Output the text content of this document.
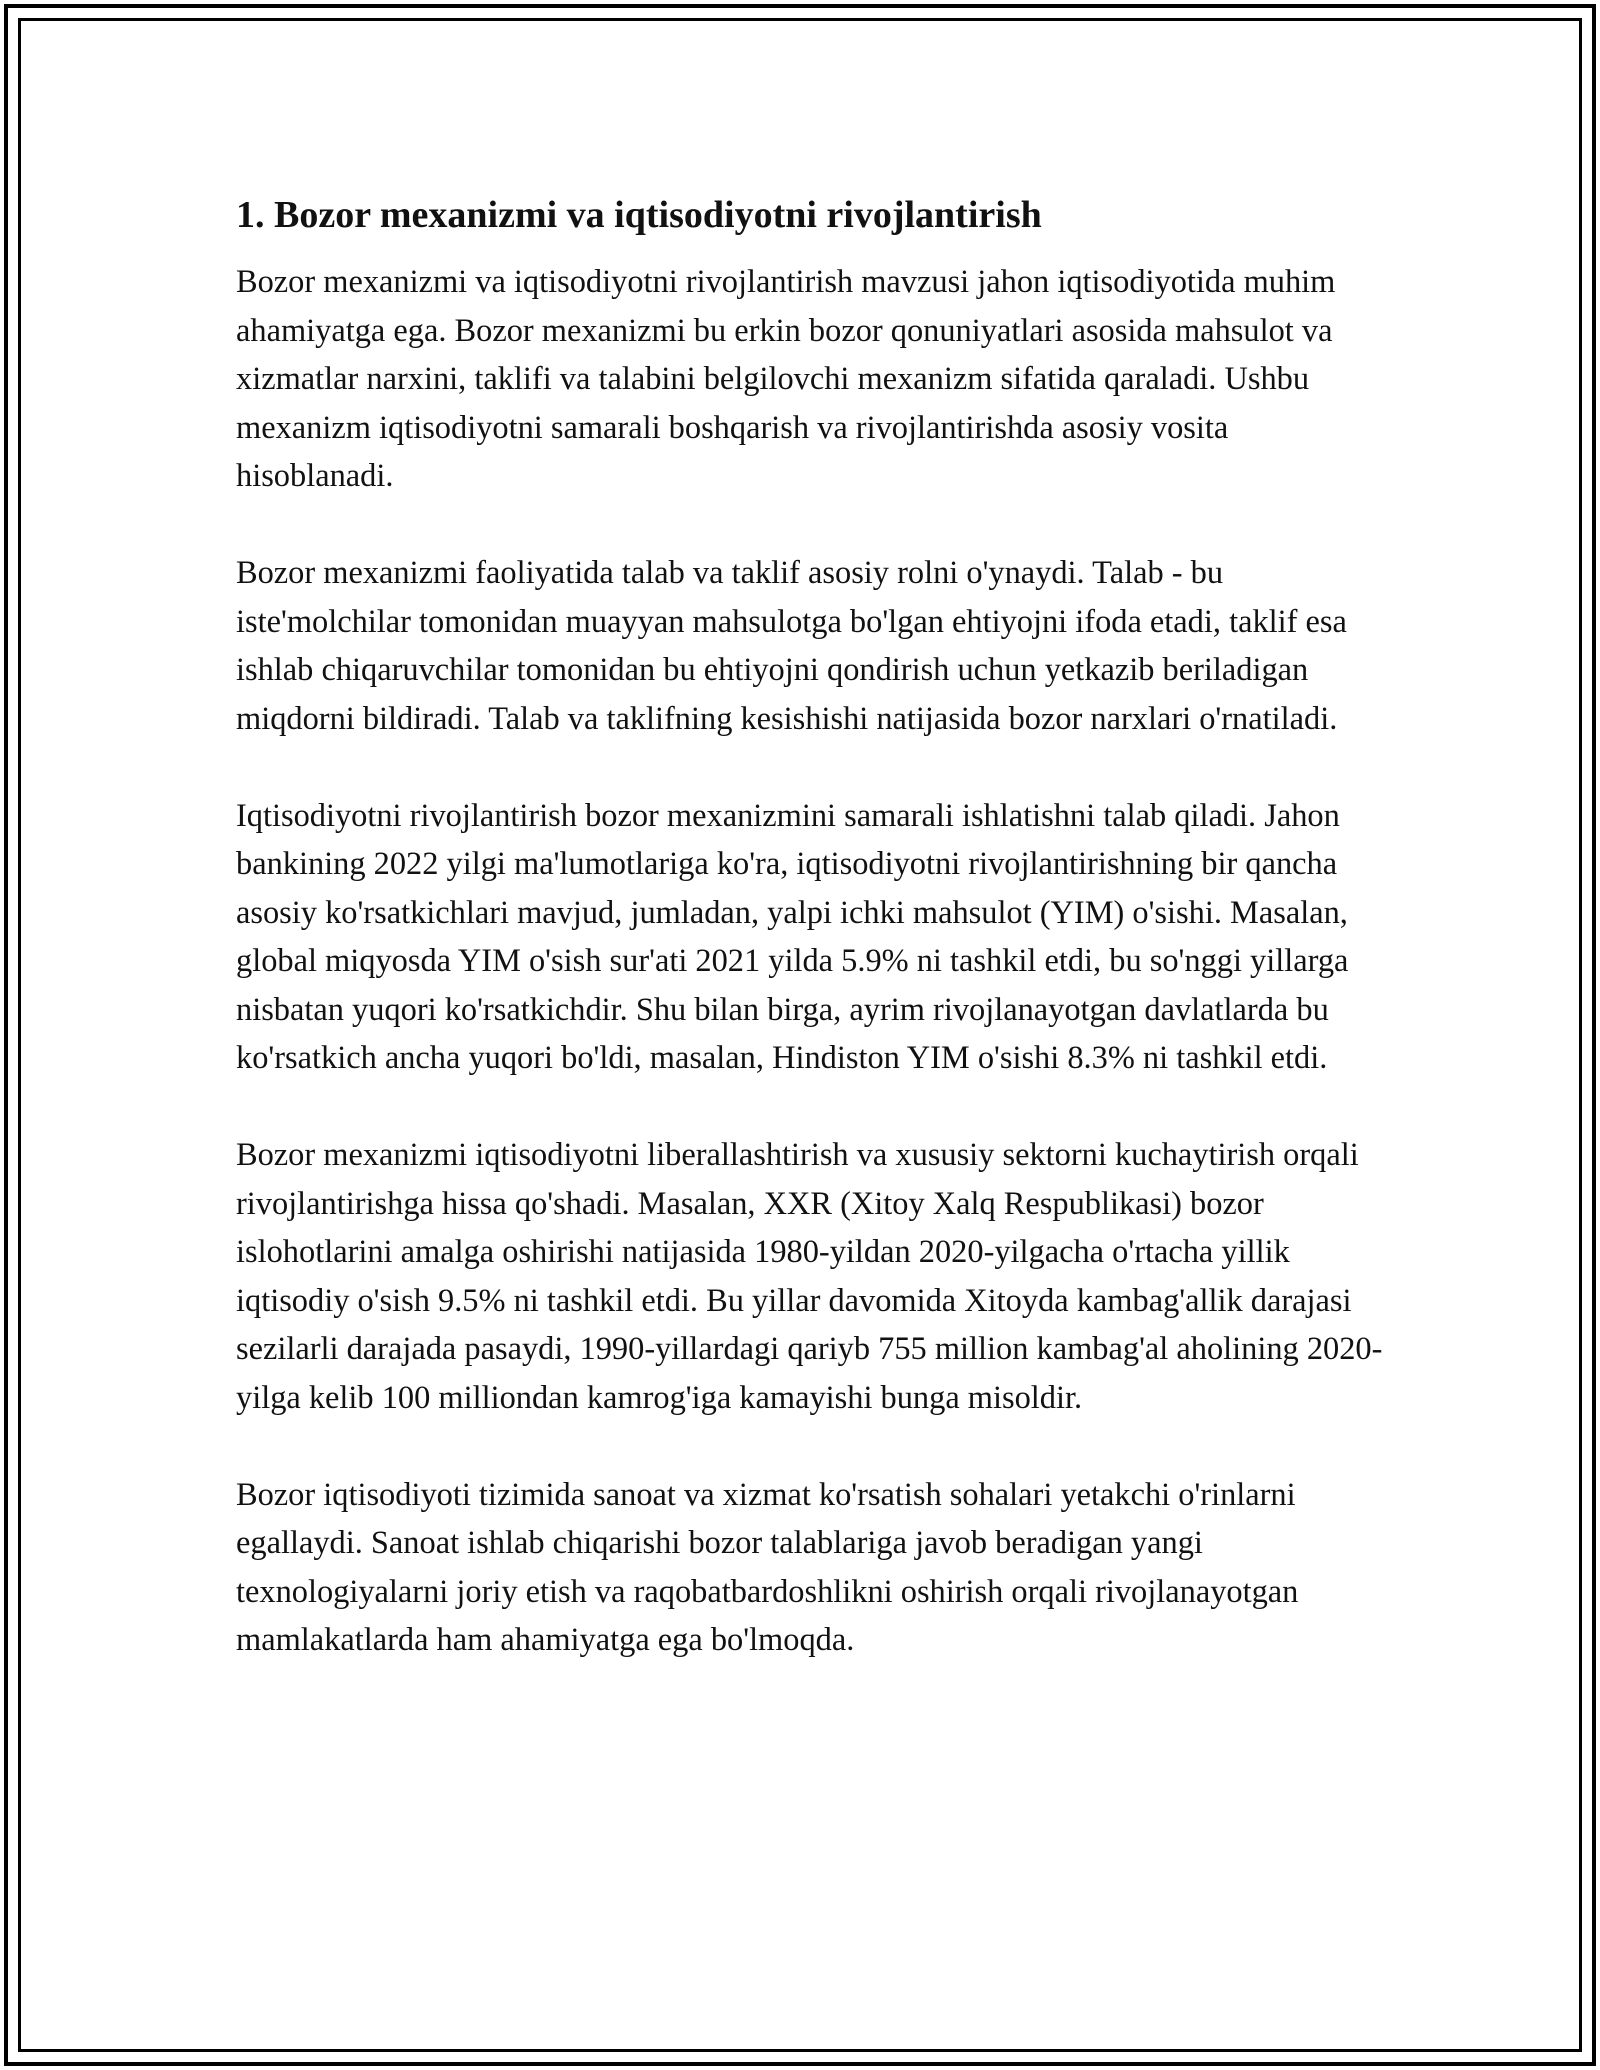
1. Bozor mexanizmi va iqtisodiyotni rivojlantirish

Bozor mexanizmi va iqtisodiyotni rivojlantirish mavzusi jahon iqtisodiyotida muhim ahamiyatga ega. Bozor mexanizmi bu erkin bozor qonuniyatlari asosida mahsulot va xizmatlar narxini, taklifi va talabini belgilovchi mexanizm sifatida qaraladi. Ushbu mexanizm iqtisodiyotni samarali boshqarish va rivojlantirishda asosiy vosita hisoblanadi.

Bozor mexanizmi faoliyatida talab va taklif asosiy rolni o'ynaydi. Talab - bu iste'molchilar tomonidan muayyan mahsulotga bo'lgan ehtiyojni ifoda etadi, taklif esa ishlab chiqaruvchilar tomonidan bu ehtiyojni qondirish uchun yetkazib beriladigan miqdorni bildiradi. Talab va taklifning kesishishi natijasida bozor narxlari o'rnatiladi.

Iqtisodiyotni rivojlantirish bozor mexanizmini samarali ishlatishni talab qiladi. Jahon bankining 2022 yilgi ma'lumotlariga ko'ra, iqtisodiyotni rivojlantirishning bir qancha asosiy ko'rsatkichlari mavjud, jumladan, yalpi ichki mahsulot (YIM) o'sishi. Masalan, global miqyosda YIM o'sish sur'ati 2021 yilda 5.9% ni tashkil etdi, bu so'nggi yillarga nisbatan yuqori ko'rsatkichdir. Shu bilan birga, ayrim rivojlanayotgan davlatlarda bu ko'rsatkich ancha yuqori bo'ldi, masalan, Hindiston YIM o'sishi 8.3% ni tashkil etdi.

Bozor mexanizmi iqtisodiyotni liberallashtirish va xususiy sektorni kuchaytirish orqali rivojlantirishga hissa qo'shadi. Masalan, XXR (Xitoy Xalq Respublikasi) bozor islohotlarini amalga oshirishi natijasida 1980-yildan 2020-yilgacha o'rtacha yillik iqtisodiy o'sish 9.5% ni tashkil etdi. Bu yillar davomida Xitoyda kambag'allik darajasi sezilarli darajada pasaydi, 1990-yillardagi qariyb 755 million kambag'al aholining 2020-yilga kelib 100 milliondan kamrog'iga kamayishi bunga misoldir.

Bozor iqtisodiyoti tizimida sanoat va xizmat ko'rsatish sohalari yetakchi o'rinlarni egallaydi. Sanoat ishlab chiqarishi bozor talablariga javob beradigan yangi texnologiyalarni joriy etish va raqobatbardoshlikni oshirish orqali rivojlanayotgan mamlakatlarda ham ahamiyatga ega bo'lmoqda.
